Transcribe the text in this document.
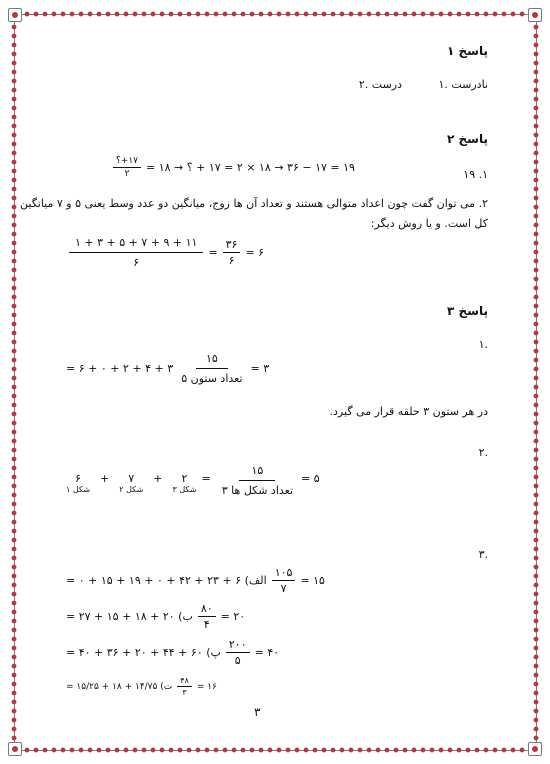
پاسخ ۱
۱. نادرست
۲. درست
پاسخ ۲
۱۹ .۱
۱۹ = ۱۷ − ۳۶ → ۱۸ × ۲ = ۱۷ + ؟ → ۱۸ =
$\frac{۱۷+؟}{۲}$
۲. می توان گفت چون اعداد متوالی هستند و تعداد آن ها زوج، میانگین دو عدد وسط یعنی ۵ و ۷ میانگین
کل است. و یا روش دیگر:
$\frac{۱ + ۳ + ۵ + ۷ + ۹ + ۱۱}{۶} = \frac{۳۶}{۶}$ = ۶
پاسخ ۳
۱.
۳ + ۴ + ۲ + ۰ + ۶ = $\frac{۱۵}{\text{تعداد ستون ۵}}$ = ۳
در هر ستون ۳ حلقه قرار می گیرد.
۲.
۶
شکل ۱
+ ۷
شکل ۲
+ ۲
شکل ۳
= $\frac{۱۵}{\text{تعداد شکل ها ۳}}$ = ۵
۳.
الف) ۶ + ۲۳ + ۴۲ + ۰ + ۱۹ + ۱۵ + ۰ = $\frac{۱۰۵}{۷}$ = ۱۵
ب) ۲۰ + ۱۸ + ۱۵ + ۲۷ = $\frac{۸۰}{۴}$ = ۲۰
پ) ۶۰ + ۴۴ + ۲۰ + ۳۶ + ۴۰ = $\frac{۲۰۰}{۵}$ = ۴۰
ت) ۱۴/۷۵ + ۱۸ + ۱۵/۲۵ = $\frac{۴۸}{۳}$ = ۱۶
۳
